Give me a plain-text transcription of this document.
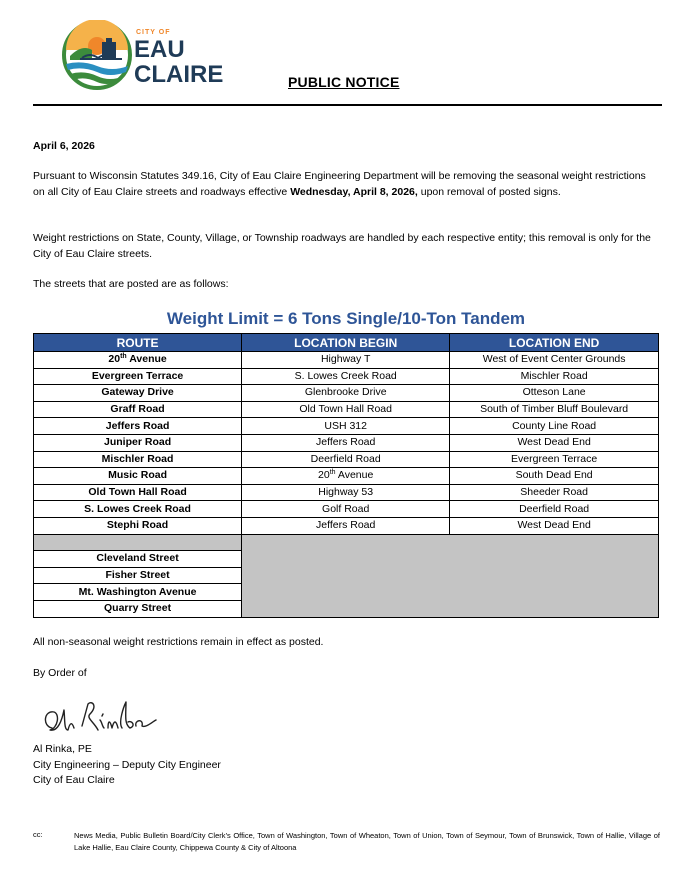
CITY OF
EAU
CLAIRE	PUBLIC NOTICE
April 6, 2026
Pursuant to Wisconsin Statutes 349.16, City of Eau Claire Engineering Department will be removing the seasonal weight restrictions on all City of Eau Claire streets and roadways effective Wednesday, April 8, 2026, upon removal of posted signs.
Weight restrictions on State, County, Village, or Township roadways are handled by each respective entity; this removal is only for the City of Eau Claire streets.
The streets that are posted are as follows:
Weight Limit = 6 Tons Single/10-Ton Tandem
ROUTE	LOCATION BEGIN	LOCATION END
20th Avenue	Highway T	West of Event Center Grounds
Evergreen Terrace	S. Lowes Creek Road	Mischler Road
Gateway Drive	Glenbrooke Drive	Otteson Lane
Graff Road	Old Town Hall Road	South of Timber Bluff Boulevard
Jeffers Road	USH 312	County Line Road
Juniper Road	Jeffers Road	West Dead End
Mischler Road	Deerfield Road	Evergreen Terrace
Music Road	20th Avenue	South Dead End
Old Town Hall Road	Highway 53	Sheeder Road
S. Lowes Creek Road	Golf Road	Deerfield Road
Stephi Road	Jeffers Road	West Dead End

Cleveland Street		
Fisher Street		
Mt. Washington Avenue		
Quarry Street		
All non-seasonal weight restrictions remain in effect as posted.
By Order of
Al Rinka, PE
City Engineering – Deputy City Engineer
City of Eau Claire
cc:	News Media, Public Bulletin Board/City Clerk’s Office, Town of Washington, Town of Wheaton, Town of Union, Town of Seymour, Town of Brunswick, Town of Hallie, Village of Lake Hallie, Eau Claire County, Chippewa County & City of Altoona
